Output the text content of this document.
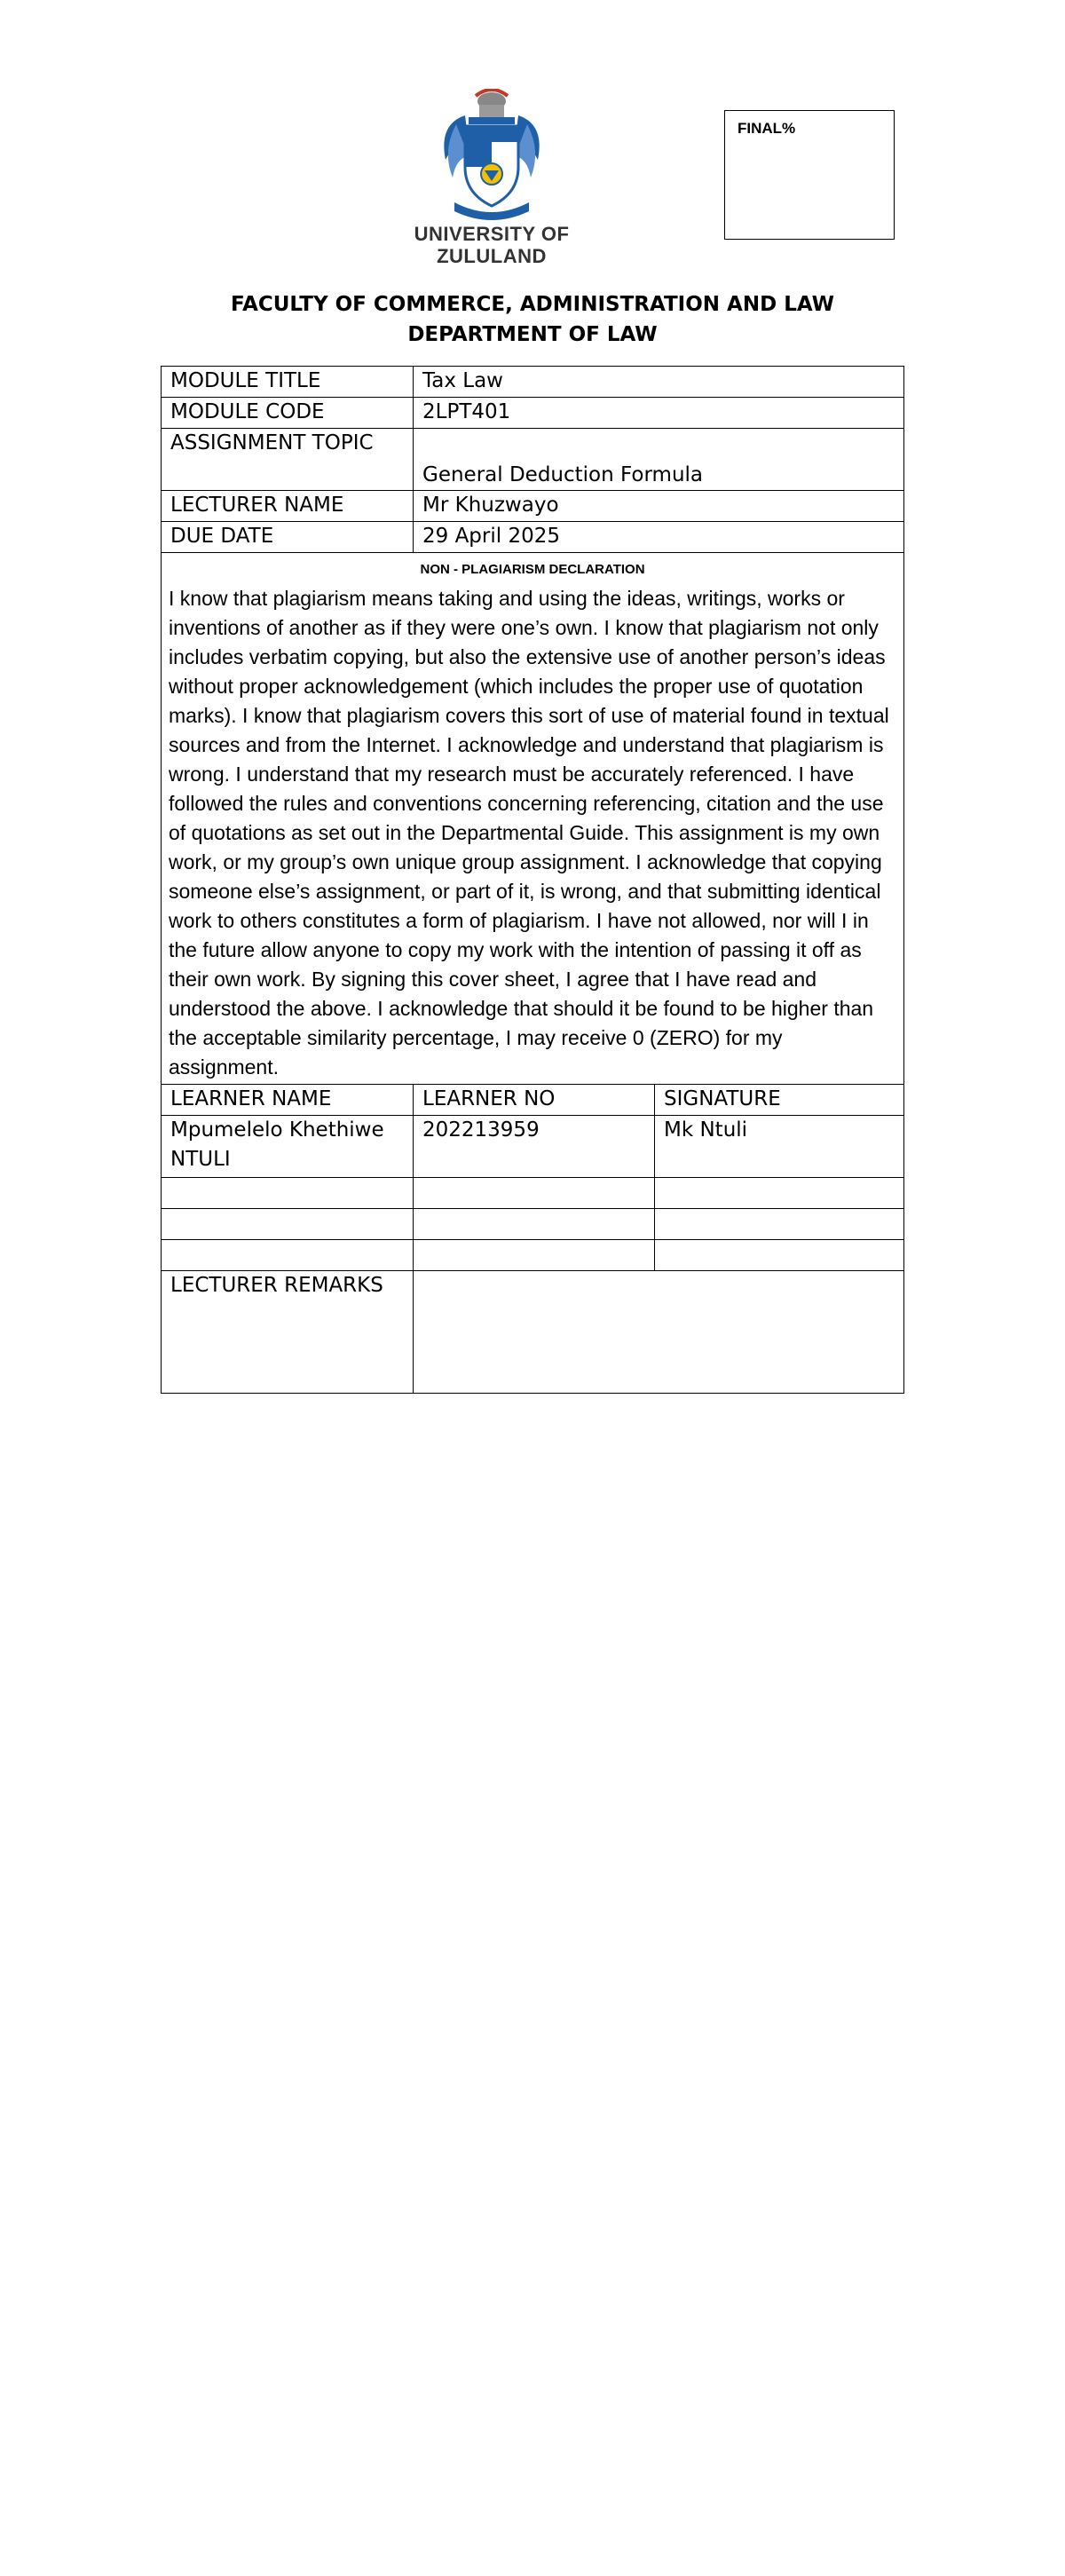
UNIVERSITY OF
ZULULAND
FINAL%
FACULTY OF COMMERCE, ADMINISTRATION AND LAW
DEPARTMENT OF LAW
MODULE TITLE	Tax Law	
MODULE CODE	2LPT401	
ASSIGNMENT TOPIC	General Deduction Formula	
LECTURER NAME	Mr Khuzwayo	
DUE DATE	29 April 2025	

NON - PLAGIARISM DECLARATION
I know that plagiarism means taking and using the ideas, writings, works or inventions of another as if they were one’s own. I know that plagiarism not only includes verbatim copying, but also the extensive use of another person’s ideas without proper acknowledgement (which includes the proper use of quotation marks). I know that plagiarism covers this sort of use of material found in textual sources and from the Internet. I acknowledge and understand that plagiarism is wrong. I understand that my research must be accurately referenced. I have followed the rules and conventions concerning referencing, citation and the use of quotations as set out in the Departmental Guide. This assignment is my own work, or my group’s own unique group assignment. I acknowledge that copying someone else’s assignment, or part of it, is wrong, and that submitting identical work to others constitutes a form of plagiarism. I have not allowed, nor will I in the future allow anyone to copy my work with the intention of passing it off as their own work. By signing this cover sheet, I agree that I have read and understood the above. I acknowledge that should it be found to be higher than the acceptable similarity percentage, I may receive 0 (ZERO) for my assignment.		

LEARNER NAME	LEARNER NO	SIGNATURE
Mpumelelo Khethiwe NTULI	202213959	Mk Ntuli

LECTURER REMARKS		
